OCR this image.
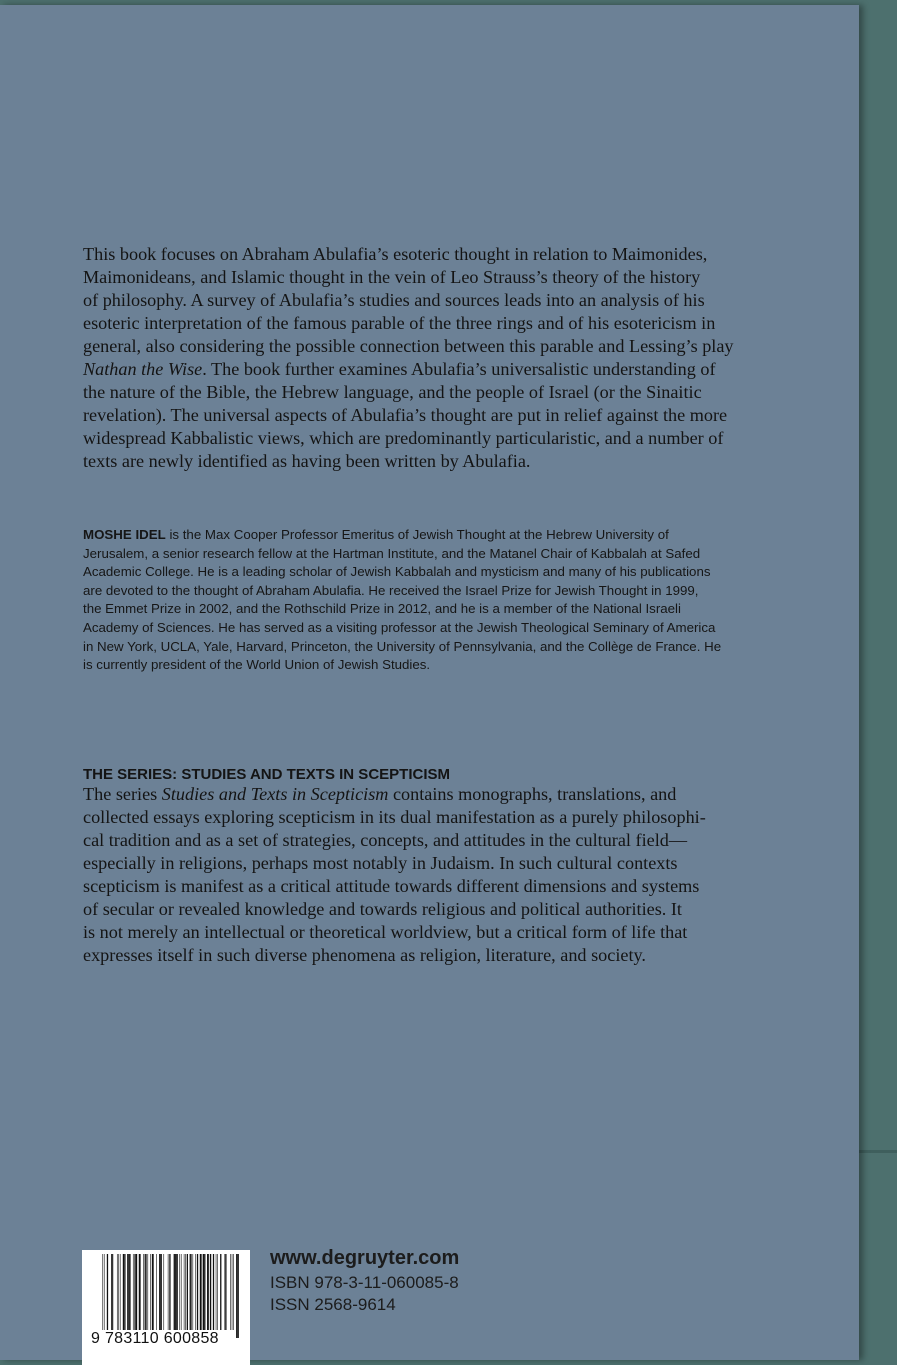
This book focuses on Abraham Abulafia’s esoteric thought in relation to Maimonides,
Maimonideans, and Islamic thought in the vein of Leo Strauss’s theory of the history
of philosophy. A survey of Abulafia’s studies and sources leads into an analysis of his
esoteric interpretation of the famous parable of the three rings and of his esotericism in
general, also considering the possible connection between this parable and Lessing’s play
Nathan the Wise. The book further examines Abulafia’s universalistic understanding of
the nature of the Bible, the Hebrew language, and the people of Israel (or the Sinaitic
revelation). The universal aspects of Abulafia’s thought are put in relief against the more
widespread Kabbalistic views, which are predominantly particularistic, and a number of
texts are newly identified as having been written by Abulafia.
MOSHE IDEL is the Max Cooper Professor Emeritus of Jewish Thought at the Hebrew University of
Jerusalem, a senior research fellow at the Hartman Institute, and the Matanel Chair of Kabbalah at Safed
Academic College. He is a leading scholar of Jewish Kabbalah and mysticism and many of his publications
are devoted to the thought of Abraham Abulafia. He received the Israel Prize for Jewish Thought in 1999,
the Emmet Prize in 2002, and the Rothschild Prize in 2012, and he is a member of the National Israeli
Academy of Sciences. He has served as a visiting professor at the Jewish Theological Seminary of America
in New York, UCLA, Yale, Harvard, Princeton, the University of Pennsylvania, and the Collège de France. He
is currently president of the World Union of Jewish Studies.
THE SERIES: STUDIES AND TEXTS IN SCEPTICISM
The series Studies and Texts in Scepticism contains monographs, translations, and
collected essays exploring scepticism in its dual manifestation as a purely philosophi-
cal tradition and as a set of strategies, concepts, and attitudes in the cultural field—
especially in religions, perhaps most notably in Judaism. In such cultural contexts
scepticism is manifest as a critical attitude towards different dimensions and systems
of secular or revealed knowledge and towards religious and political authorities. It
is not merely an intellectual or theoretical worldview, but a critical form of life that
expresses itself in such diverse phenomena as religion, literature, and society.
9 783110 600858
www.degruyter.com
ISBN 978-3-11-060085-8
ISSN 2568-9614
